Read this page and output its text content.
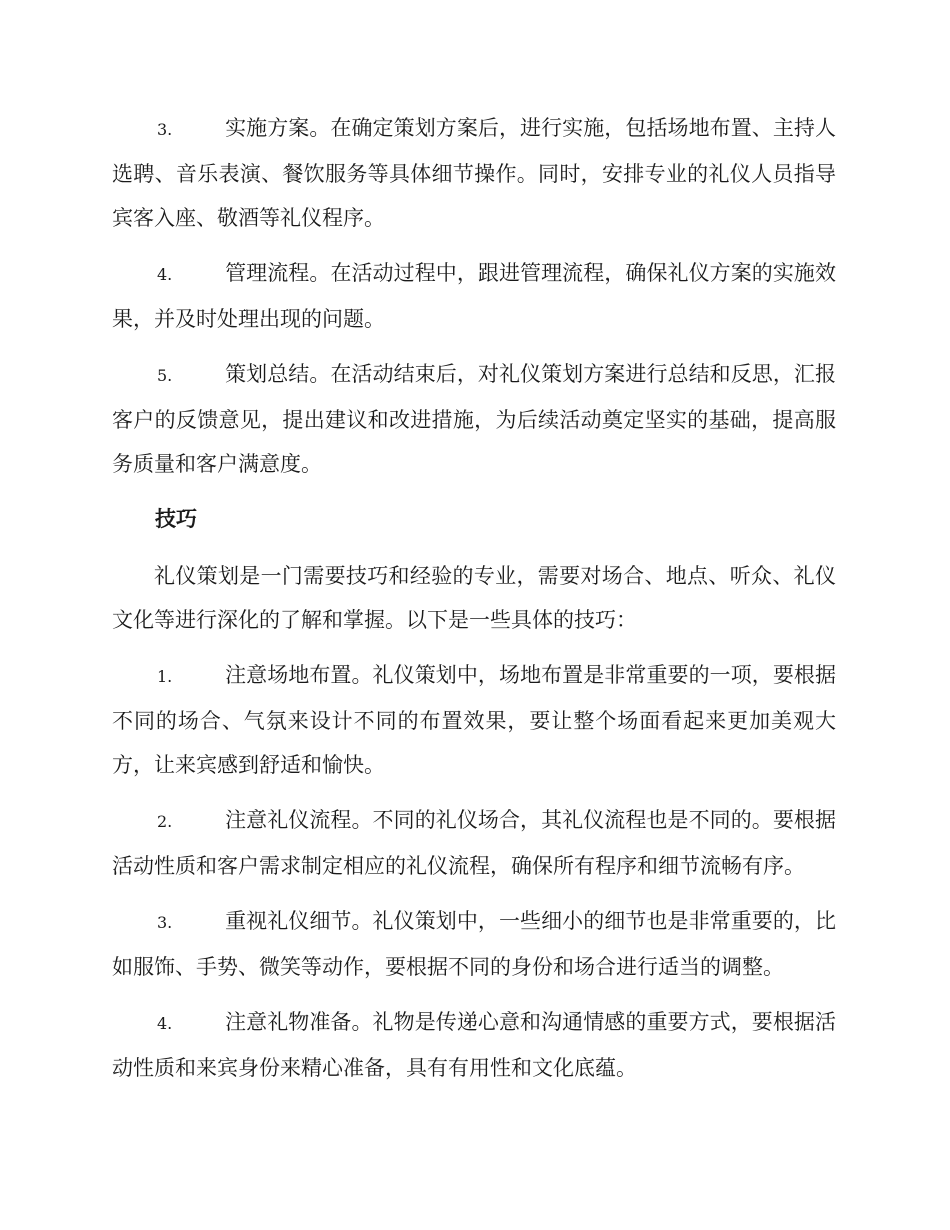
3.	实施方案。在确定策划方案后，进行实施，包括场地布置、主持人选聘、音乐表演、餐饮服务等具体细节操作。同时，安排专业的礼仪人员指导宾客入座、敬酒等礼仪程序。

4.	管理流程。在活动过程中，跟进管理流程，确保礼仪方案的实施效果，并及时处理出现的问题。

5.	策划总结。在活动结束后，对礼仪策划方案进行总结和反思，汇报客户的反馈意见，提出建议和改进措施，为后续活动奠定坚实的基础，提高服务质量和客户满意度。

技巧

礼仪策划是一门需要技巧和经验的专业，需要对场合、地点、听众、礼仪文化等进行深化的了解和掌握。以下是一些具体的技巧：

1.	注意场地布置。礼仪策划中，场地布置是非常重要的一项，要根据不同的场合、气氛来设计不同的布置效果，要让整个场面看起来更加美观大方，让来宾感到舒适和愉快。

2.	注意礼仪流程。不同的礼仪场合，其礼仪流程也是不同的。要根据活动性质和客户需求制定相应的礼仪流程，确保所有程序和细节流畅有序。

3.	重视礼仪细节。礼仪策划中，一些细小的细节也是非常重要的，比如服饰、手势、微笑等动作，要根据不同的身份和场合进行适当的调整。

4.	注意礼物准备。礼物是传递心意和沟通情感的重要方式，要根据活动性质和来宾身份来精心准备，具有有用性和文化底蕴。
